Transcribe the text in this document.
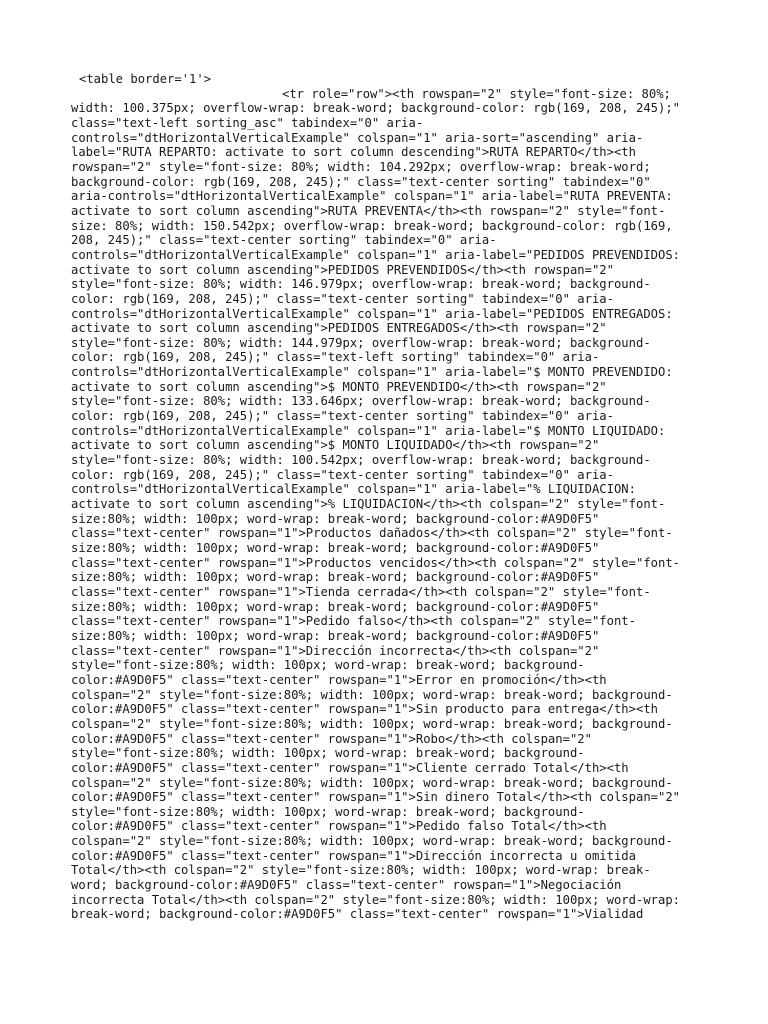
<table border='1'>
<tr role="row"><th rowspan="2" style="font-size: 80%;
width: 100.375px; overflow-wrap: break-word; background-color: rgb(169, 208, 245);"
class="text-left sorting_asc" tabindex="0" aria-
controls="dtHorizontalVerticalExample" colspan="1" aria-sort="ascending" aria-
label="RUTA REPARTO: activate to sort column descending">RUTA REPARTO</th><th
rowspan="2" style="font-size: 80%; width: 104.292px; overflow-wrap: break-word;
background-color: rgb(169, 208, 245);" class="text-center sorting" tabindex="0"
aria-controls="dtHorizontalVerticalExample" colspan="1" aria-label="RUTA PREVENTA:
activate to sort column ascending">RUTA PREVENTA</th><th rowspan="2" style="font-
size: 80%; width: 150.542px; overflow-wrap: break-word; background-color: rgb(169,
208, 245);" class="text-center sorting" tabindex="0" aria-
controls="dtHorizontalVerticalExample" colspan="1" aria-label="PEDIDOS PREVENDIDOS:
activate to sort column ascending">PEDIDOS PREVENDIDOS</th><th rowspan="2"
style="font-size: 80%; width: 146.979px; overflow-wrap: break-word; background-
color: rgb(169, 208, 245);" class="text-center sorting" tabindex="0" aria-
controls="dtHorizontalVerticalExample" colspan="1" aria-label="PEDIDOS ENTREGADOS:
activate to sort column ascending">PEDIDOS ENTREGADOS</th><th rowspan="2"
style="font-size: 80%; width: 144.979px; overflow-wrap: break-word; background-
color: rgb(169, 208, 245);" class="text-left sorting" tabindex="0" aria-
controls="dtHorizontalVerticalExample" colspan="1" aria-label="$ MONTO PREVENDIDO:
activate to sort column ascending">$ MONTO PREVENDIDO</th><th rowspan="2"
style="font-size: 80%; width: 133.646px; overflow-wrap: break-word; background-
color: rgb(169, 208, 245);" class="text-center sorting" tabindex="0" aria-
controls="dtHorizontalVerticalExample" colspan="1" aria-label="$ MONTO LIQUIDADO:
activate to sort column ascending">$ MONTO LIQUIDADO</th><th rowspan="2"
style="font-size: 80%; width: 100.542px; overflow-wrap: break-word; background-
color: rgb(169, 208, 245);" class="text-center sorting" tabindex="0" aria-
controls="dtHorizontalVerticalExample" colspan="1" aria-label="% LIQUIDACION:
activate to sort column ascending">% LIQUIDACION</th><th colspan="2" style="font-
size:80%; width: 100px; word-wrap: break-word; background-color:#A9D0F5"
class="text-center" rowspan="1">Productos dañados</th><th colspan="2" style="font-
size:80%; width: 100px; word-wrap: break-word; background-color:#A9D0F5"
class="text-center" rowspan="1">Productos vencidos</th><th colspan="2" style="font-
size:80%; width: 100px; word-wrap: break-word; background-color:#A9D0F5"
class="text-center" rowspan="1">Tienda cerrada</th><th colspan="2" style="font-
size:80%; width: 100px; word-wrap: break-word; background-color:#A9D0F5"
class="text-center" rowspan="1">Pedido falso</th><th colspan="2" style="font-
size:80%; width: 100px; word-wrap: break-word; background-color:#A9D0F5"
class="text-center" rowspan="1">Dirección incorrecta</th><th colspan="2"
style="font-size:80%; width: 100px; word-wrap: break-word; background-
color:#A9D0F5" class="text-center" rowspan="1">Error en promoción</th><th
colspan="2" style="font-size:80%; width: 100px; word-wrap: break-word; background-
color:#A9D0F5" class="text-center" rowspan="1">Sin producto para entrega</th><th
colspan="2" style="font-size:80%; width: 100px; word-wrap: break-word; background-
color:#A9D0F5" class="text-center" rowspan="1">Robo</th><th colspan="2"
style="font-size:80%; width: 100px; word-wrap: break-word; background-
color:#A9D0F5" class="text-center" rowspan="1">Cliente cerrado Total</th><th
colspan="2" style="font-size:80%; width: 100px; word-wrap: break-word; background-
color:#A9D0F5" class="text-center" rowspan="1">Sin dinero Total</th><th colspan="2"
style="font-size:80%; width: 100px; word-wrap: break-word; background-
color:#A9D0F5" class="text-center" rowspan="1">Pedido falso Total</th><th
colspan="2" style="font-size:80%; width: 100px; word-wrap: break-word; background-
color:#A9D0F5" class="text-center" rowspan="1">Dirección incorrecta u omitida
Total</th><th colspan="2" style="font-size:80%; width: 100px; word-wrap: break-
word; background-color:#A9D0F5" class="text-center" rowspan="1">Negociación
incorrecta Total</th><th colspan="2" style="font-size:80%; width: 100px; word-wrap:
break-word; background-color:#A9D0F5" class="text-center" rowspan="1">Vialidad
